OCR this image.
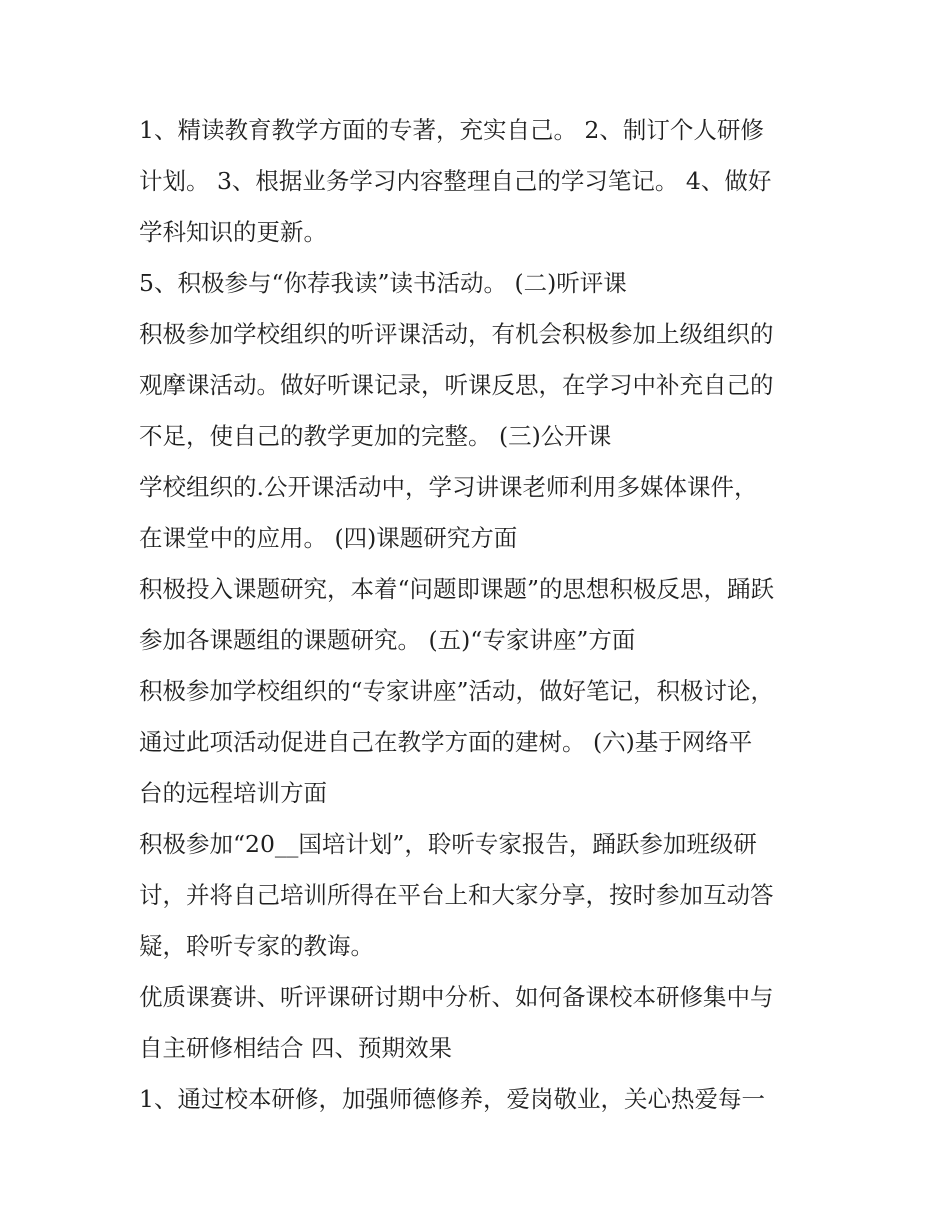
1、精读教育教学方面的专著，充实自己。 2、制订个人研修
计划。 3、根据业务学习内容整理自己的学习笔记。 4、做好
学科知识的更新。
5、积极参与“你荐我读”读书活动。 (二)听评课
积极参加学校组织的听评课活动，有机会积极参加上级组织的
观摩课活动。做好听课记录，听课反思，在学习中补充自己的
不足，使自己的教学更加的完整。 (三)公开课
学校组织的.公开课活动中，学习讲课老师利用多媒体课件，
在课堂中的应用。 (四)课题研究方面
积极投入课题研究，本着“问题即课题”的思想积极反思，踊跃
参加各课题组的课题研究。 (五)“专家讲座”方面
积极参加学校组织的“专家讲座”活动，做好笔记，积极讨论，
通过此项活动促进自己在教学方面的建树。 (六)基于网络平
台的远程培训方面
积极参加“20__国培计划”，聆听专家报告，踊跃参加班级研
讨，并将自己培训所得在平台上和大家分享，按时参加互动答
疑，聆听专家的教诲。
优质课赛讲、听评课研讨期中分析、如何备课校本研修集中与
自主研修相结合 四、预期效果
1、通过校本研修，加强师德修养，爱岗敬业，关心热爱每一
